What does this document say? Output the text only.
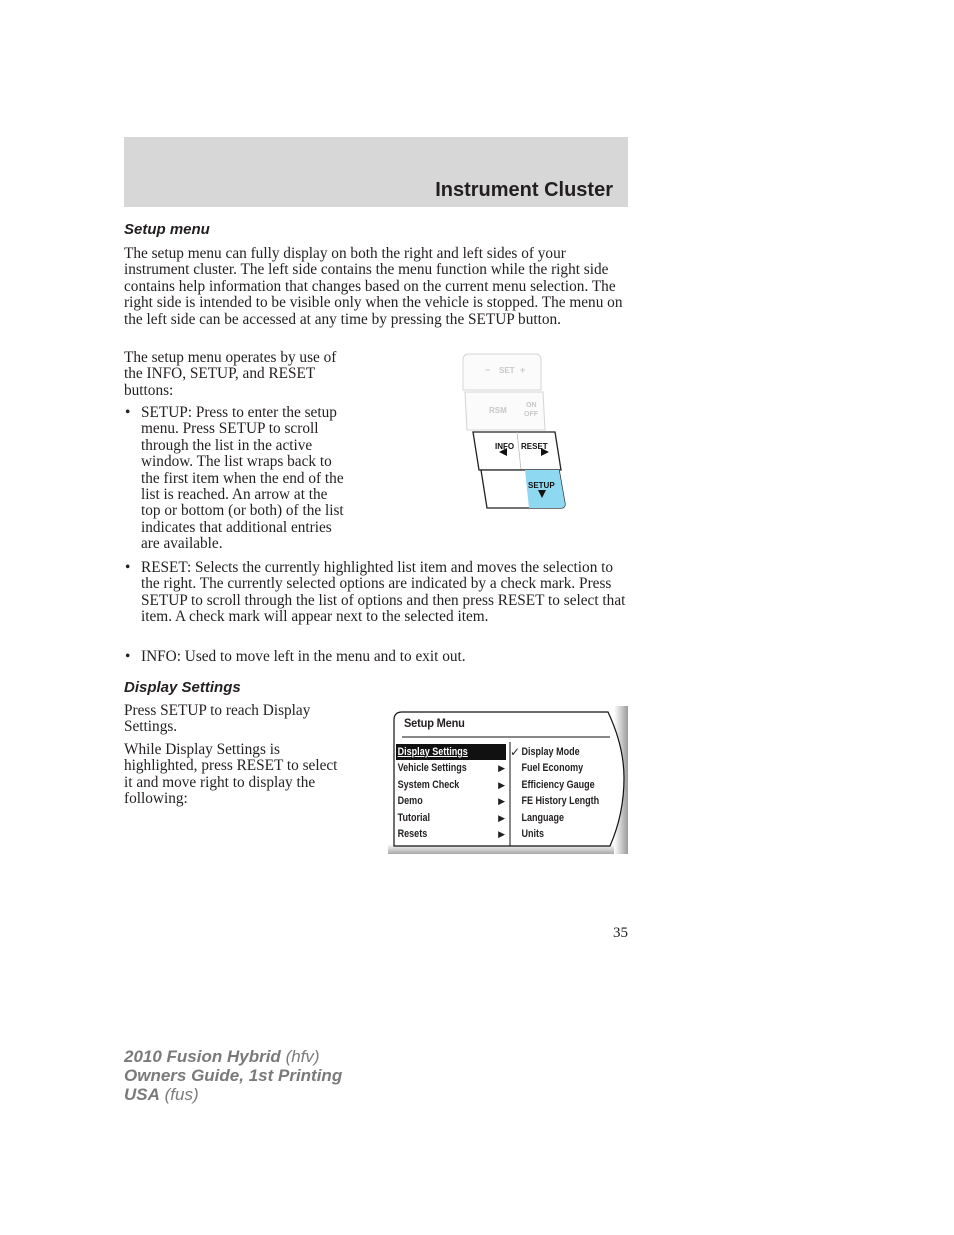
Instrument Cluster
Setup menu

The setup menu can fully display on both the right and left sides of your instrument cluster. The left side contains the menu function while the right side contains help information that changes based on the current menu selection. The right side is intended to be visible only when the vehicle is stopped. The menu on the left side can be accessed at any time by pressing the SETUP button.

The setup menu operates by use of
the INFO, SETUP, and RESET
buttons:
• SETUP: Press to enter the setup
menu. Press SETUP to scroll
through the list in the active
window. The list wraps back to
the first item when the end of the
list is reached. An arrow at the
top or bottom (or both) of the list
indicates that additional entries
are available.

• RESET: Selects the currently highlighted list item and moves the selection to the right. The currently selected options are indicated by a check mark. Press SETUP to scroll through the list of options and then press RESET to select that item. A check mark will appear next to the selected item.

• INFO: Used to move left in the menu and to exit out.

− SET +
RSM
ON
OFF
INFO RESET
SETUP
Display Settings
Press SETUP to reach Display
Settings.
While Display Settings is
highlighted, press RESET to select
it and move right to display the
following:
Setup Menu
Display Settings
Vehicle Settings	▶
System Check	▶
Demo	▶
Tutorial	▶
Resets	▶
✓ Display Mode
Fuel Economy
Efficiency Gauge
FE History Length
Language
Units
35
2010 Fusion Hybrid (hfv)
Owners Guide, 1st Printing
USA (fus)
